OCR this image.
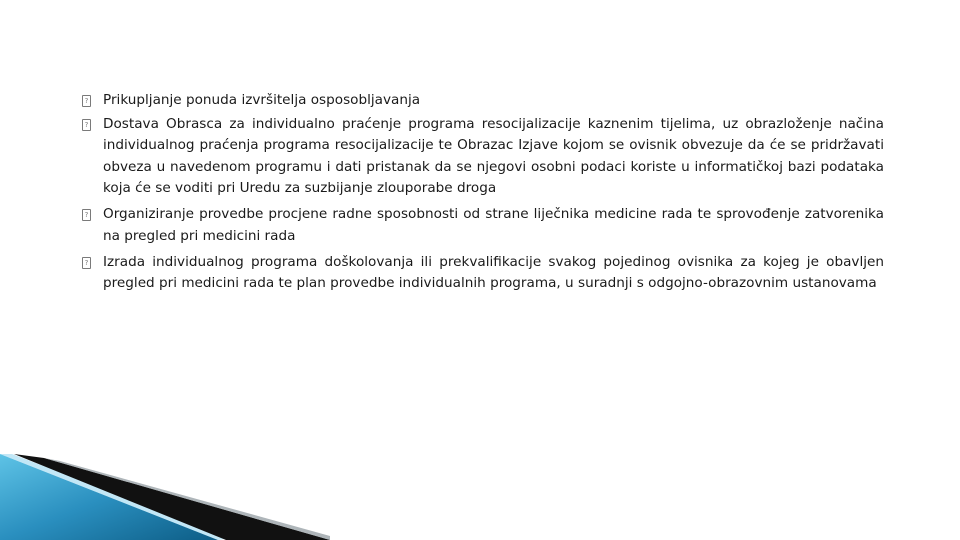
? Prikupljanje ponuda izvršitelja osposobljavanja
? Dostava Obrasca za individualno praćenje programa resocijalizacije kaznenim tijelima, uz obrazloženje načina individualnog praćenja programa resocijalizacije te Obrazac Izjave kojom se ovisnik obvezuje da će se pridržavati obveza u navedenom programu i dati pristanak da se njegovi osobni podaci koriste u informatičkoj bazi podataka koja će se voditi pri Uredu za suzbijanje zlouporabe droga
? Organiziranje provedbe procjene radne sposobnosti od strane liječnika medicine rada te sprovođenje zatvorenika na pregled pri medicini rada
? Izrada individualnog programa doškolovanja ili prekvalifikacije svakog pojedinog ovisnika za kojeg je obavljen pregled pri medicini rada te plan provedbe individualnih programa, u suradnji s odgojno-obrazovnim ustanovama
